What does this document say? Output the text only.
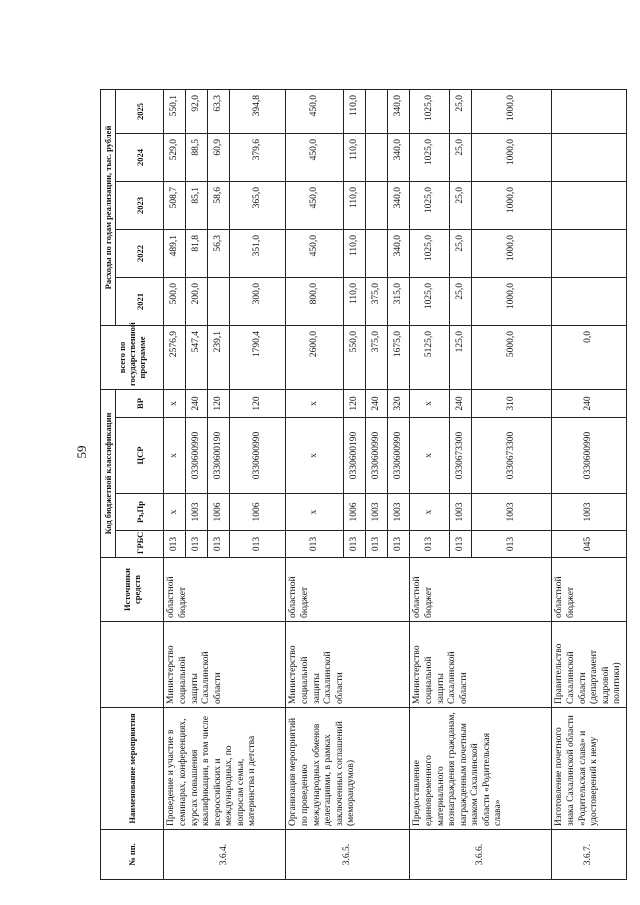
59
№ пп.	Наименование мероприятия		Источники средств	Код бюджетной классификации				всего по государственной программе	Расходы по годам реализации, тыс. рублей				
				ГРБС	Рз,Пр	ЦСР	ВР		2021	2022	2023	2024	2025

3.6.4.	Проведение и участие в семинарах, конференциях, курсах повышения квалификации, в том числе всероссийских и международных, по вопросам семьи, материнства и детства	Министерство социальной защиты Сахалинской области	областной бюджет	013	х	х	х	2576,9	500,0	489,1	508,7	529,0	550,1
				013	1003	0330600990	240	547,4	200,0	81,8	85,1	88,5	92,0
				013	1006	0330600190	120	239,1		56,3	58,6	60,9	63,3
				013	1006	0330600990	120	1790,4	300,0	351,0	365,0	379,6	394,8
3.6.5.	Организация мероприятий по проведению международных обменов делегациями, в рамках заключенных соглашений (меморандумов)	Министерство социальной защиты Сахалинской области	областной бюджет	013	х	х	х	2600,0	800,0	450,0	450,0	450,0	450,0
				013	1006	0330600190	120	550,0	110,0	110,0	110,0	110,0	110,0
				013	1003	0330600990	240	375,0	375,0				
				013	1003	0330600990	320	1675,0	315,0	340,0	340,0	340,0	340,0
3.6.6.	Предоставление единовременного материального вознаграждения гражданам, награжденным почетным знаком Сахалинской области «Родительская слава»	Министерство социальной защиты Сахалинской области	областной бюджет	013	х	х	х	5125,0	1025,0	1025,0	1025,0	1025,0	1025,0
				013	1003	0330673300	240	125,0	25,0	25,0	25,0	25,0	25,0
				013	1003	0330673300	310	5000,0	1000,0	1000,0	1000,0	1000,0	1000,0
3.6.7.	Изготовление почетного знака Сахалинской области «Родительская слава» и удостоверений к нему	Правительство Сахалинской области (департамент кадровой политики)	областной бюджет	045	1003	0330600990	240	0,0					
